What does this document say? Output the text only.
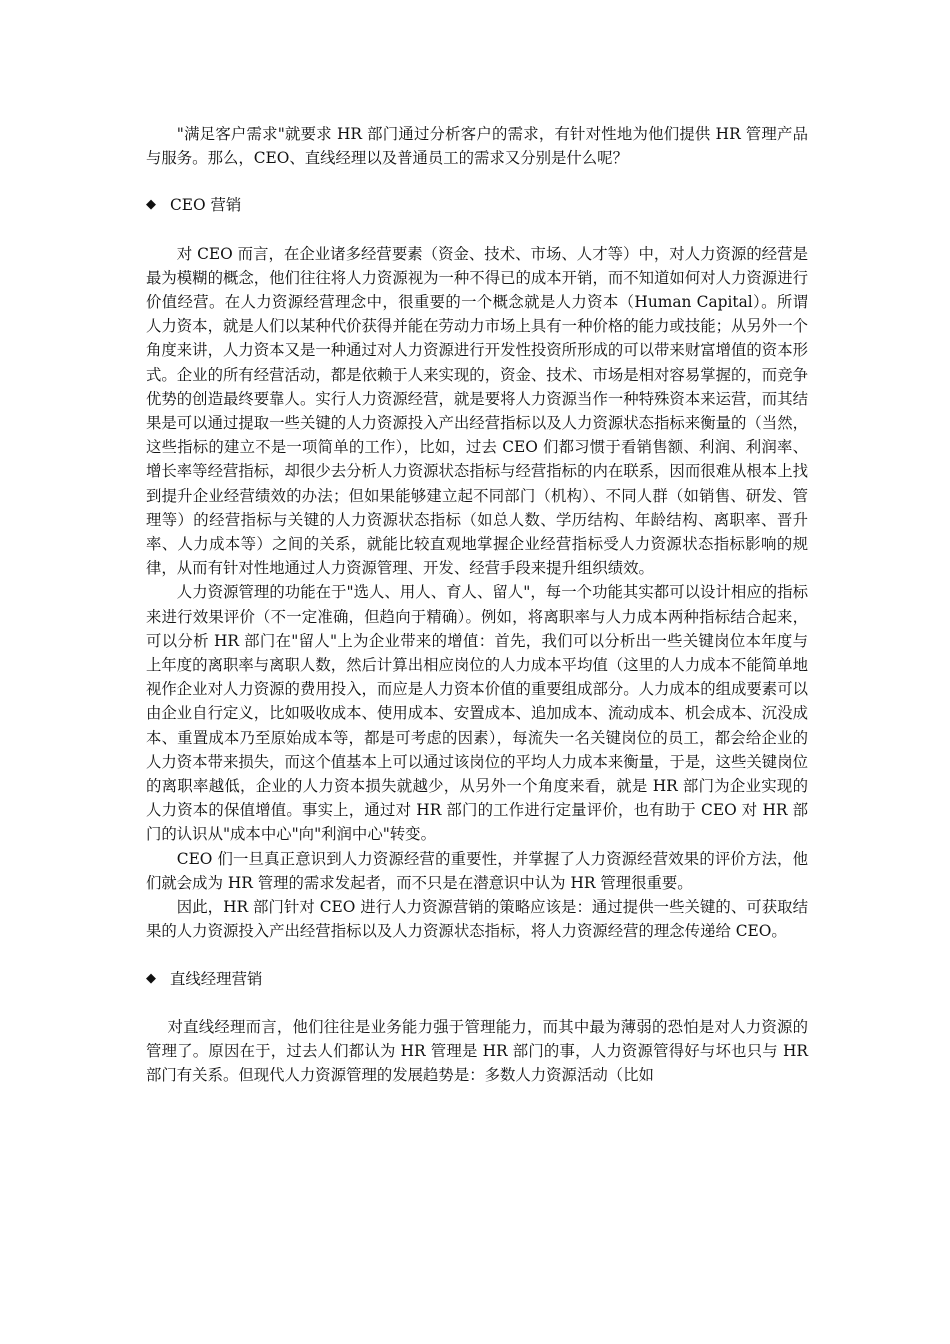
"满足客户需求"就要求 HR 部门通过分析客户的需求，有针对性地为他们提供 HR 管理产品与服务。那么，CEO、直线经理以及普通员工的需求又分别是什么呢？

◆ CEO 营销

对 CEO 而言，在企业诸多经营要素（资金、技术、市场、人才等）中，对人力资源的经营是最为模糊的概念，他们往往将人力资源视为一种不得已的成本开销，而不知道如何对人力资源进行价值经营。在人力资源经营理念中，很重要的一个概念就是人力资本（Human Capital）。所谓人力资本，就是人们以某种代价获得并能在劳动力市场上具有一种价格的能力或技能；从另外一个角度来讲，人力资本又是一种通过对人力资源进行开发性投资所形成的可以带来财富增值的资本形式。企业的所有经营活动，都是依赖于人来实现的，资金、技术、市场是相对容易掌握的，而竞争优势的创造最终要靠人。实行人力资源经营，就是要将人力资源当作一种特殊资本来运营，而其结果是可以通过提取一些关键的人力资源投入产出经营指标以及人力资源状态指标来衡量的（当然，这些指标的建立不是一项简单的工作），比如，过去 CEO 们都习惯于看销售额、利润、利润率、增长率等经营指标，却很少去分析人力资源状态指标与经营指标的内在联系，因而很难从根本上找到提升企业经营绩效的办法；但如果能够建立起不同部门（机构）、不同人群（如销售、研发、管理等）的经营指标与关键的人力资源状态指标（如总人数、学历结构、年龄结构、离职率、晋升率、人力成本等）之间的关系，就能比较直观地掌握企业经营指标受人力资源状态指标影响的规律，从而有针对性地通过人力资源管理、开发、经营手段来提升组织绩效。

人力资源管理的功能在于"选人、用人、育人、留人"，每一个功能其实都可以设计相应的指标来进行效果评价（不一定准确，但趋向于精确）。例如，将离职率与人力成本两种指标结合起来，可以分析 HR 部门在"留人"上为企业带来的增值：首先，我们可以分析出一些关键岗位本年度与上年度的离职率与离职人数，然后计算出相应岗位的人力成本平均值（这里的人力成本不能简单地视作企业对人力资源的费用投入，而应是人力资本价值的重要组成部分。人力成本的组成要素可以由企业自行定义，比如吸收成本、使用成本、安置成本、追加成本、流动成本、机会成本、沉没成本、重置成本乃至原始成本等，都是可考虑的因素），每流失一名关键岗位的员工，都会给企业的人力资本带来损失，而这个值基本上可以通过该岗位的平均人力成本来衡量，于是，这些关键岗位的离职率越低，企业的人力资本损失就越少，从另外一个角度来看，就是 HR 部门为企业实现的人力资本的保值增值。事实上，通过对 HR 部门的工作进行定量评价，也有助于 CEO 对 HR 部门的认识从"成本中心"向"利润中心"转变。

CEO 们一旦真正意识到人力资源经营的重要性，并掌握了人力资源经营效果的评价方法，他们就会成为 HR 管理的需求发起者，而不只是在潜意识中认为 HR 管理很重要。

因此，HR 部门针对 CEO 进行人力资源营销的策略应该是：通过提供一些关键的、可获取结果的人力资源投入产出经营指标以及人力资源状态指标，将人力资源经营的理念传递给 CEO。

◆ 直线经理营销

对直线经理而言，他们往往是业务能力强于管理能力，而其中最为薄弱的恐怕是对人力资源的管理了。原因在于，过去人们都认为 HR 管理是 HR 部门的事，人力资源管得好与坏也只与 HR 部门有关系。但现代人力资源管理的发展趋势是：多数人力资源活动（比如
